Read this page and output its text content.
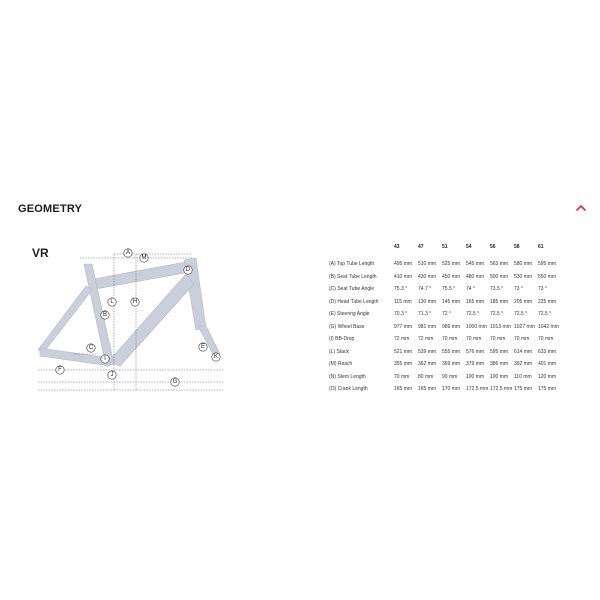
GEOMETRY
VR	A
M
D
L	H
B
C	E
I
J
K
F
G
	43	47	51	54	56	58	61
(A) Top Tube Length	495 mm	510 mm	525 mm	545 mm	563 mm	580 mm	595 mm
(B) Seat Tube Length	410 mm	430 mm	450 mm	480 mm	500 mm	530 mm	550 mm
(C) Seat Tube Angle	75.3 °	74.7 °	75.5 °	74 °	73.5 °	73 °	73 °
(D) Head Tube Length	115 mm	130 mm	145 mm	165 mm	185 mm	205 mm	225 mm
(E) Steering Angle	70.3 °	71.3 °	72 °	72.5 °	72.5 °	72.5 °	72.5 °
(G) Wheel Base	977 mm	981 mm	989 mm	1000 mm	1013 mm	1027 mm	1042 mm
(I) BB-Drop	72 mm	72 mm	70 mm	70 mm	70 mm	70 mm	70 mm
(L) Stack	521 mm	539 mm	555 mm	576 mm	595 mm	614 mm	633 mm
(M) Reach	355 mm	362 mm	369 mm	379 mm	386 mm	392 mm	401 mm
(N) Stem Length	70 mm	80 mm	90 mm	100 mm	100 mm	110 mm	120 mm
(O) Crank Length	165 mm	165 mm	170 mm	172.5 mm	172.5 mm	175 mm	175 mm
